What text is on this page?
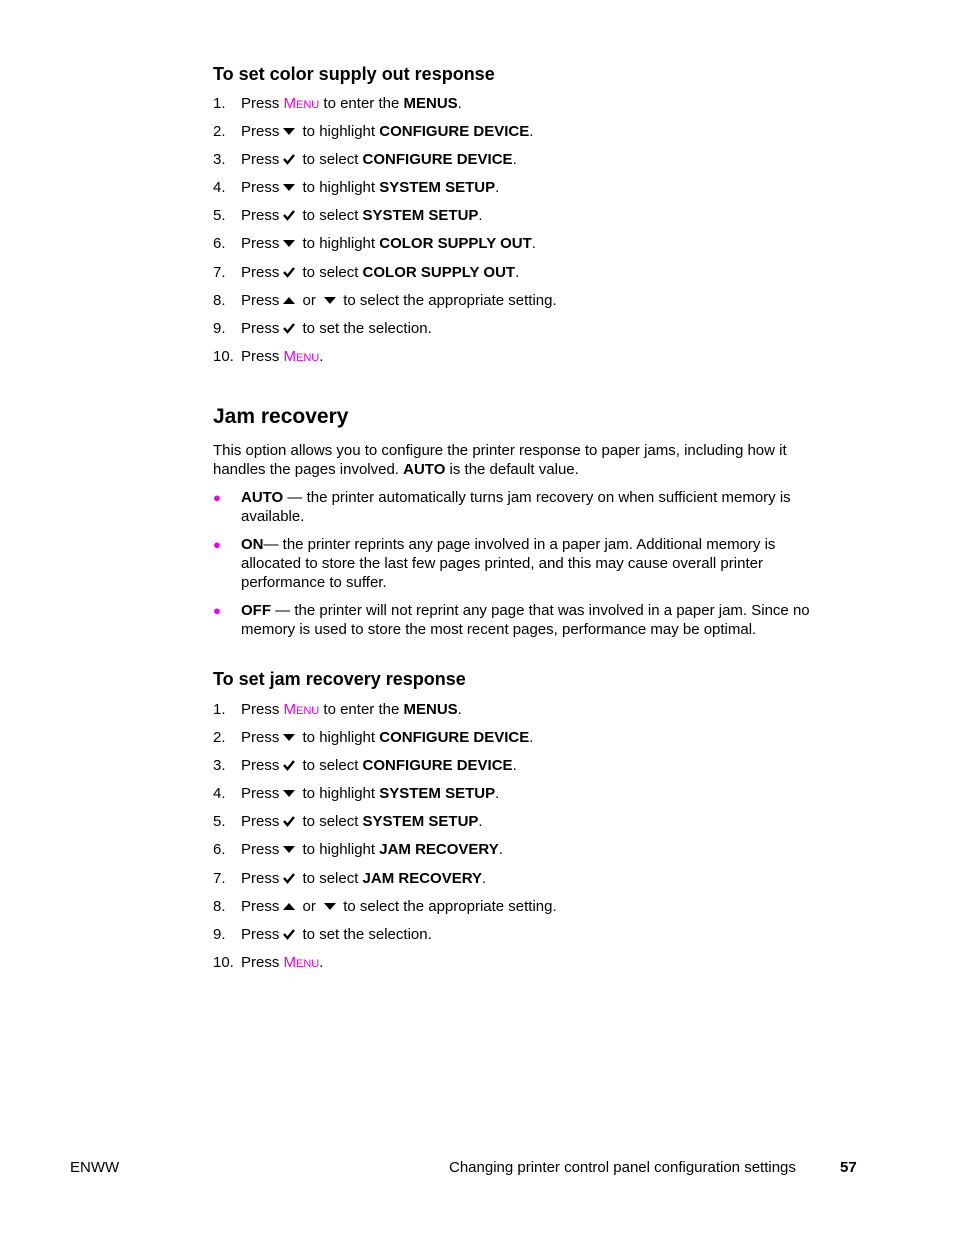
To set color supply out response
1. Press Menu to enter the MENUS.
2. Press
to highlight CONFIGURE DEVICE.
3. Press
to select CONFIGURE DEVICE.
4. Press
to highlight SYSTEM SETUP.
5. Press
to select SYSTEM SETUP.
6. Press
to highlight COLOR SUPPLY OUT.
7. Press
to select COLOR SUPPLY OUT.
8. Press
or
to select the appropriate setting.
9. Press
to set the selection.
10. Press Menu.
Jam recovery

This option allows you to configure the printer response to paper jams, including how it handles the pages involved. AUTO is the default value.

● AUTO — the printer automatically turns jam recovery on when sufficient memory is available.
● ON— the printer reprints any page involved in a paper jam. Additional memory is allocated to store the last few pages printed, and this may cause overall printer performance to suffer.
● OFF — the printer will not reprint any page that was involved in a paper jam. Since no memory is used to store the most recent pages, performance may be optimal.
To set jam recovery response
1. Press Menu to enter the MENUS.
2. Press
to highlight CONFIGURE DEVICE.
3. Press
to select CONFIGURE DEVICE.
4. Press
to highlight SYSTEM SETUP.
5. Press
to select SYSTEM SETUP.
6. Press
to highlight JAM RECOVERY.
7. Press
to select JAM RECOVERY.
8. Press
or
to select the appropriate setting.
9. Press
to set the selection.
10. Press Menu.
ENWW	Changing printer control panel configuration settings	57
